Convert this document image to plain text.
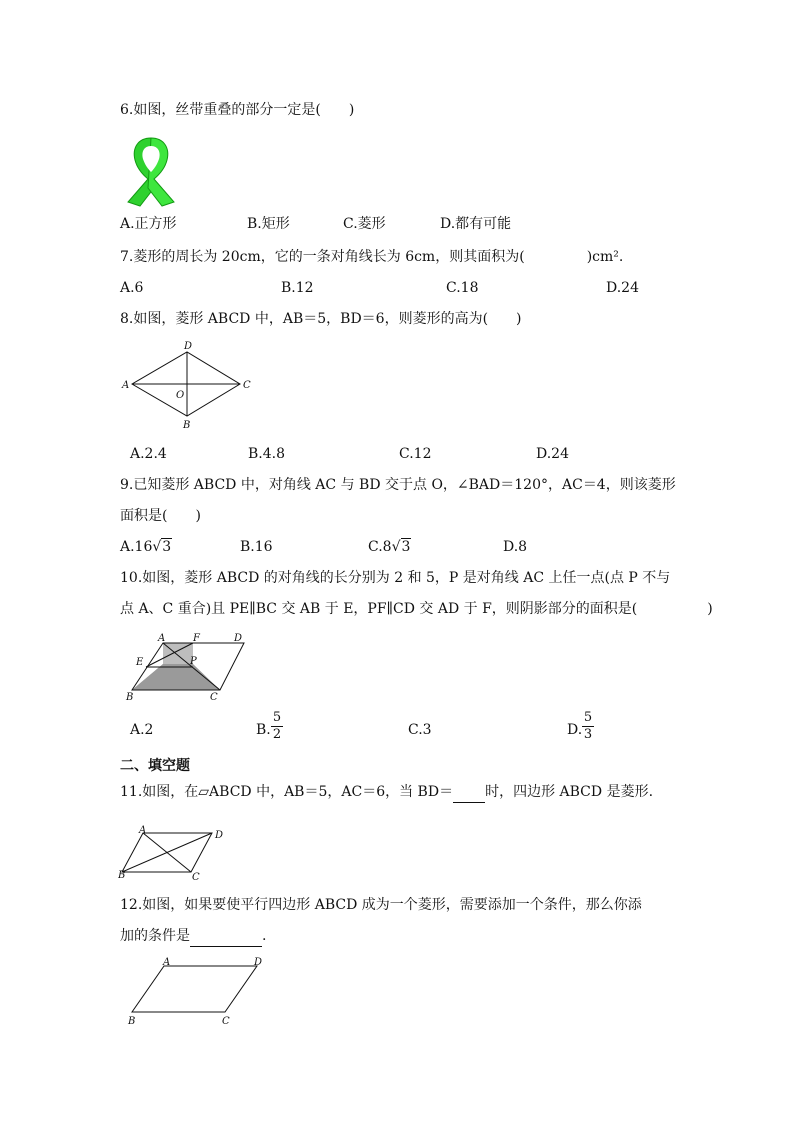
6.如图，丝带重叠的部分一定是(　　)
A.正方形	B.矩形	C.菱形	D.都有可能
7.菱形的周长为 20cm，它的一条对角线长为 6cm，则其面积为(	)cm².
A.6	B.12	C.18	D.24
8.如图，菱形 ABCD 中，AB＝5，BD＝6，则菱形的高为(　　)
D
A
O
C
B
A.2.4	B.4.8	C.12	D.24
9.已知菱形 ABCD 中，对角线 AC 与 BD 交于点 O，∠BAD＝120°，AC＝4，则该菱形
面积是(　　)
A.16√3	B.16	C.8√3	D.8
10.如图，菱形 ABCD 的对角线的长分别为 2 和 5，P 是对角线 AC 上任一点(点 P 不与
点 A、C 重合)且 PE∥BC 交 AB 于 E，PF∥CD 交 AD 于 F，则阴影部分的面积是(	)
A	F	D
E	P
B	C
A.2	B.
5
2	C.3	D.
5
3
二、填空题
11.如图，在▱ABCD 中，AB＝5，AC＝6，当 BD＝ 时，四边形 ABCD 是菱形.
A	D
B	C
12.如图，如果要使平行四边形 ABCD 成为一个菱形，需要添加一个条件，那么你添
加的条件是	.
A	D
B	C
